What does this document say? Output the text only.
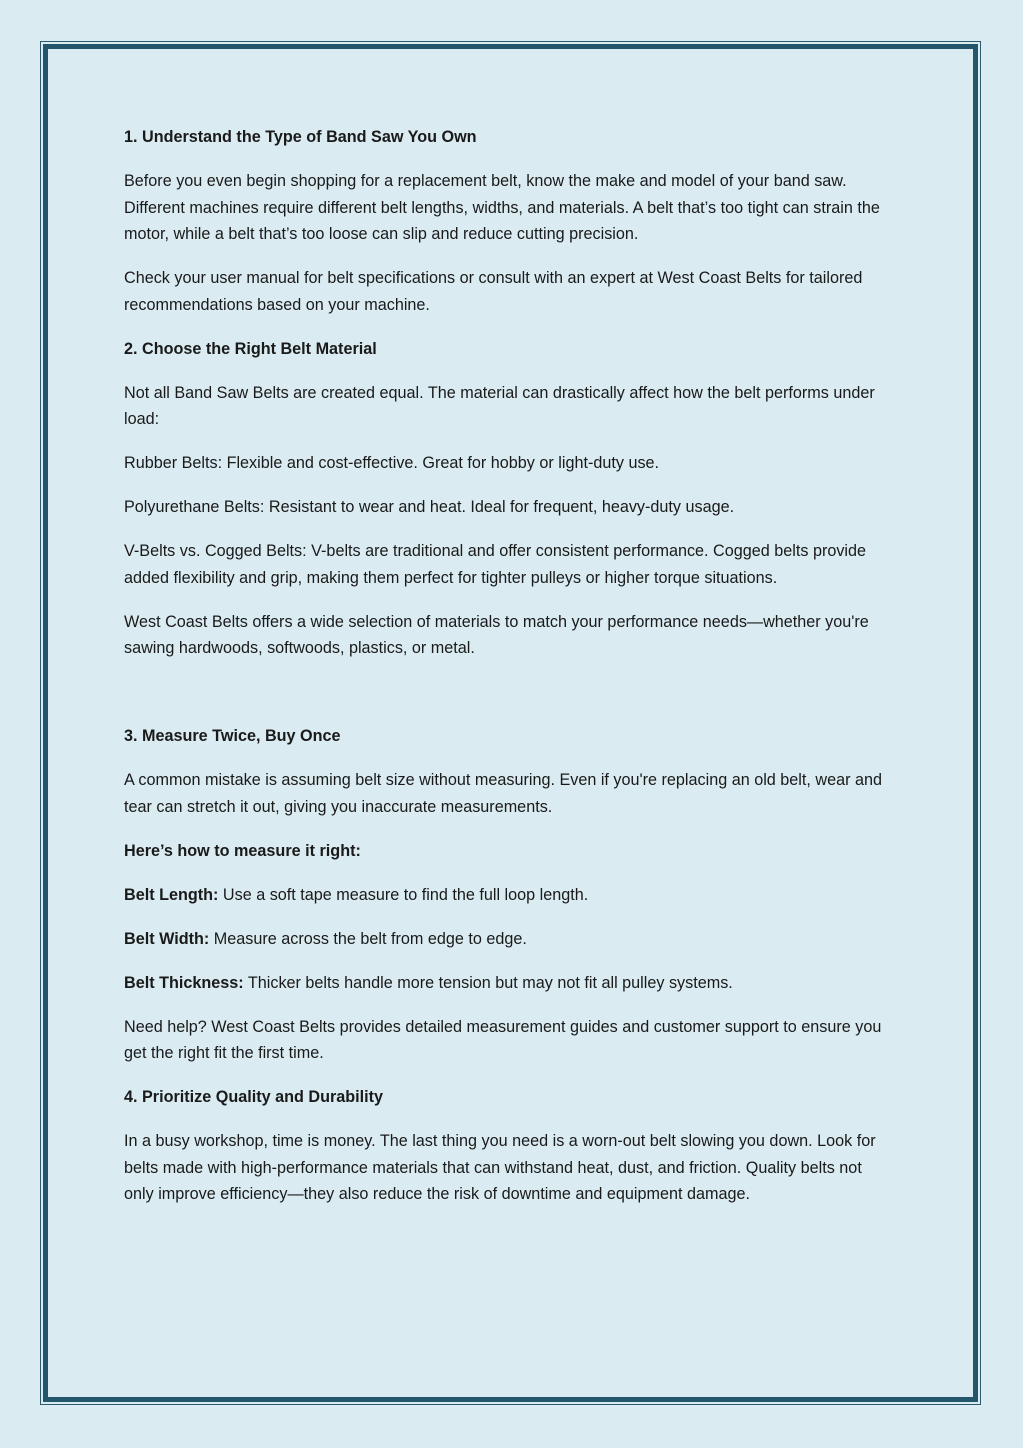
1. Understand the Type of Band Saw You Own

Before you even begin shopping for a replacement belt, know the make and model of your band saw. Different machines require different belt lengths, widths, and materials. A belt that’s too tight can strain the motor, while a belt that’s too loose can slip and reduce cutting precision.

Check your user manual for belt specifications or consult with an expert at West Coast Belts for tailored recommendations based on your machine.

2. Choose the Right Belt Material

Not all Band Saw Belts are created equal. The material can drastically affect how the belt performs under load:

Rubber Belts: Flexible and cost-effective. Great for hobby or light-duty use.

Polyurethane Belts: Resistant to wear and heat. Ideal for frequent, heavy-duty usage.

V-Belts vs. Cogged Belts: V-belts are traditional and offer consistent performance. Cogged belts provide added flexibility and grip, making them perfect for tighter pulleys or higher torque situations.

West Coast Belts offers a wide selection of materials to match your performance needs—whether you're sawing hardwoods, softwoods, plastics, or metal.

3. Measure Twice, Buy Once

A common mistake is assuming belt size without measuring. Even if you're replacing an old belt, wear and tear can stretch it out, giving you inaccurate measurements.

Here’s how to measure it right:

Belt Length: Use a soft tape measure to find the full loop length.

Belt Width: Measure across the belt from edge to edge.

Belt Thickness: Thicker belts handle more tension but may not fit all pulley systems.

Need help? West Coast Belts provides detailed measurement guides and customer support to ensure you get the right fit the first time.

4. Prioritize Quality and Durability

In a busy workshop, time is money. The last thing you need is a worn-out belt slowing you down. Look for belts made with high-performance materials that can withstand heat, dust, and friction. Quality belts not only improve efficiency—they also reduce the risk of downtime and equipment damage.
